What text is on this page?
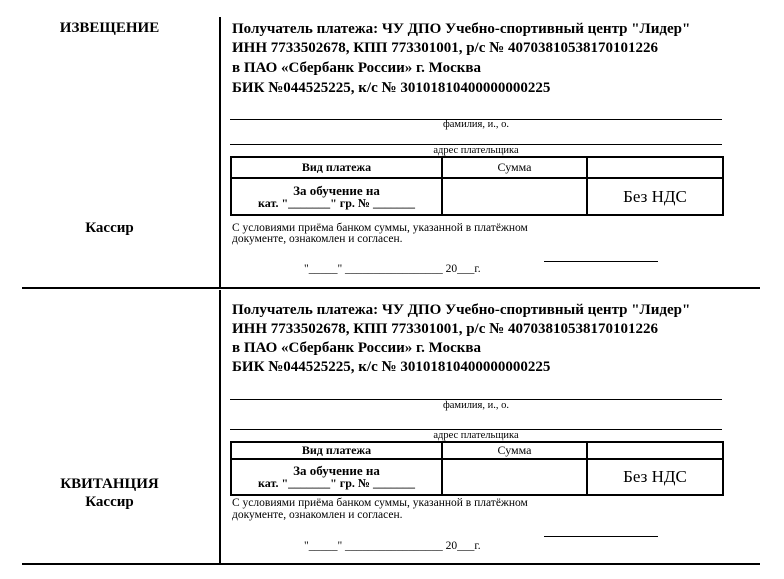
ИЗВЕЩЕНИЕ
Кассир
Получатель платежа: ЧУ ДПО Учебно-спортивный центр "Лидер"
ИНН 7733502678, КПП 773301001, р/с № 40703810538170101226
в ПАО «Сбербанк России» г. Москва
БИК №044525225, к/с № 30101810400000000225
фамилия, и., о.
адрес плательщика
Вид платежа	Сумма	

За обучение на
кат. "_______" гр. № _______		Без НДС
С условиями приёма банком суммы, указанной в платёжном
документе, ознакомлен и согласен.
"_____" _________________ 20___г.
КВИТАНЦИЯ
Кассир
Получатель платежа: ЧУ ДПО Учебно-спортивный центр "Лидер"
ИНН 7733502678, КПП 773301001, р/с № 40703810538170101226
в ПАО «Сбербанк России» г. Москва
БИК №044525225, к/с № 30101810400000000225
фамилия, и., о.
адрес плательщика
Вид платежа	Сумма	

За обучение на
кат. "_______" гр. № _______		Без НДС
С условиями приёма банком суммы, указанной в платёжном
документе, ознакомлен и согласен.
"_____" _________________ 20___г.
